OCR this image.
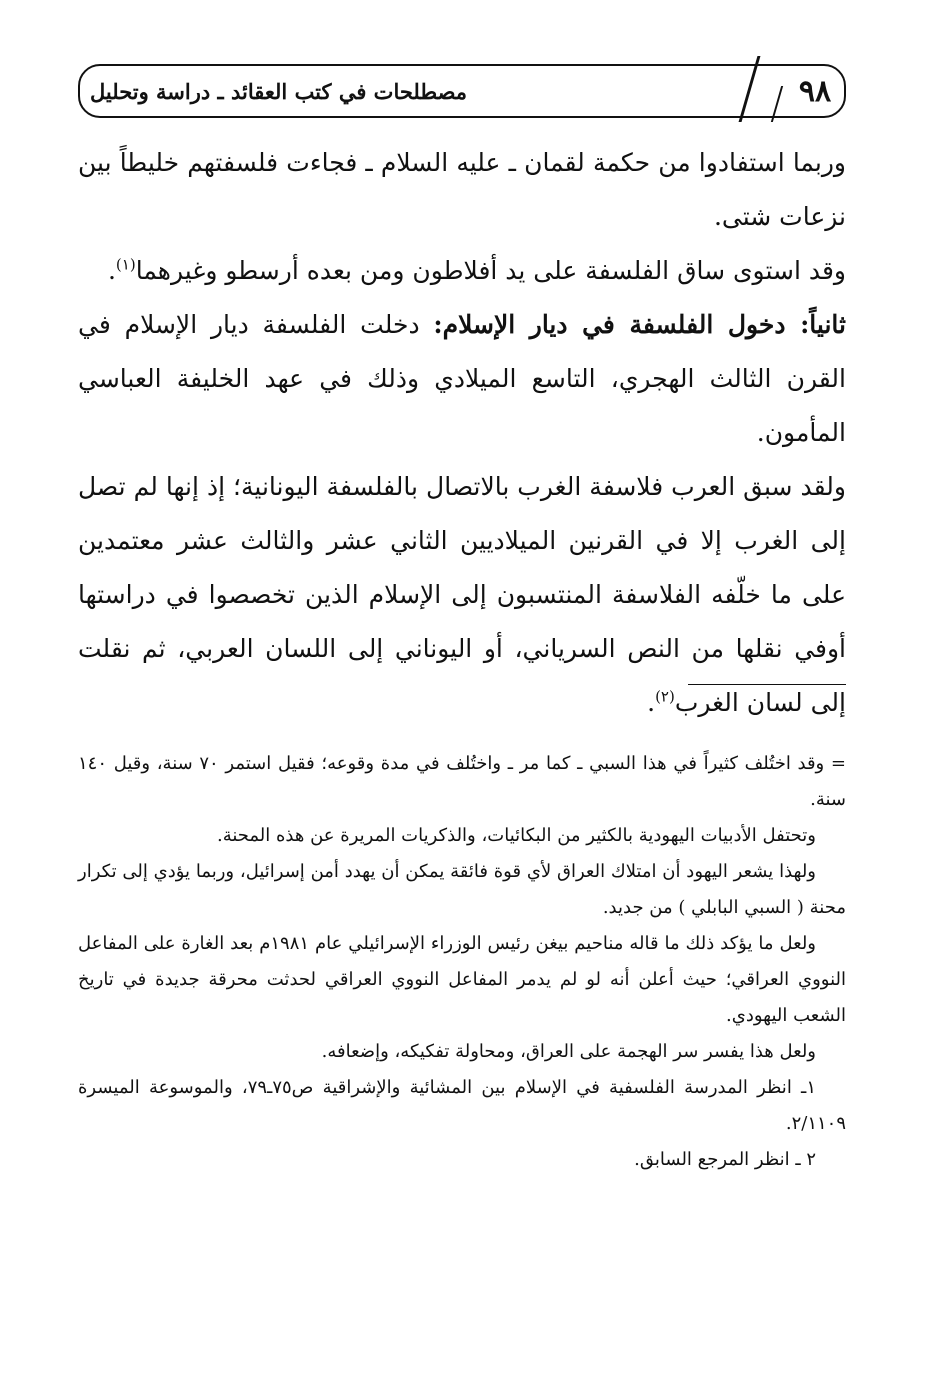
مصطلحات في كتب العقائد ـ دراسة وتحليل	٩٨

وربما استفادوا من حكمة لقمان ـ عليه السلام ـ فجاءت فلسفتهم خليطاً بين نزعات شتى.

وقد استوى ساق الفلسفة على يد أفلاطون ومن بعده أرسطو وغيرهما$^{(١)}$.

ثانياً: دخول الفلسفة في ديار الإسلام: دخلت الفلسفة ديار الإسلام في القرن الثالث الهجري، التاسع الميلادي وذلك في عهد الخليفة العباسي المأمون.

ولقد سبق العرب فلاسفة الغرب بالاتصال بالفلسفة اليونانية؛ إذ إنها لم تصل إلى الغرب إلا في القرنين الميلاديين الثاني عشر والثالث عشر معتمدين على ما خلّفه الفلاسفة المنتسبون إلى الإسلام الذين تخصصوا في دراستها أوفي نقلها من النص السرياني، أو اليوناني إلى اللسان العربي، ثم نقلت إلى لسان الغرب$^{(٢)}$.

= وقد اختُلف كثيراً في هذا السبي ـ كما مر ـ واختُلف في مدة وقوعه؛ فقيل استمر ٧٠ سنة، وقيل ١٤٠ سنة.

وتحتفل الأدبيات اليهودية بالكثير من البكائيات، والذكريات المريرة عن هذه المحنة.

ولهذا يشعر اليهود أن امتلاك العراق لأي قوة فائقة يمكن أن يهدد أمن إسرائيل، وربما يؤدي إلى تكرار محنة ( السبي البابلي ) من جديد.

ولعل ما يؤكد ذلك ما قاله مناحيم بيغن رئيس الوزراء الإسرائيلي عام ١٩٨١م بعد الغارة على المفاعل النووي العراقي؛ حيث أعلن أنه لو لم يدمر المفاعل النووي العراقي لحدثت محرقة جديدة في تاريخ الشعب اليهودي.

ولعل هذا يفسر سر الهجمة على العراق، ومحاولة تفكيكه، وإضعافه.

١ـ انظر المدرسة الفلسفية في الإسلام بين المشائية والإشراقية ص٧٥ـ٧٩، والموسوعة الميسرة ٢/١١٠٩.

٢ ـ انظر المرجع السابق.
